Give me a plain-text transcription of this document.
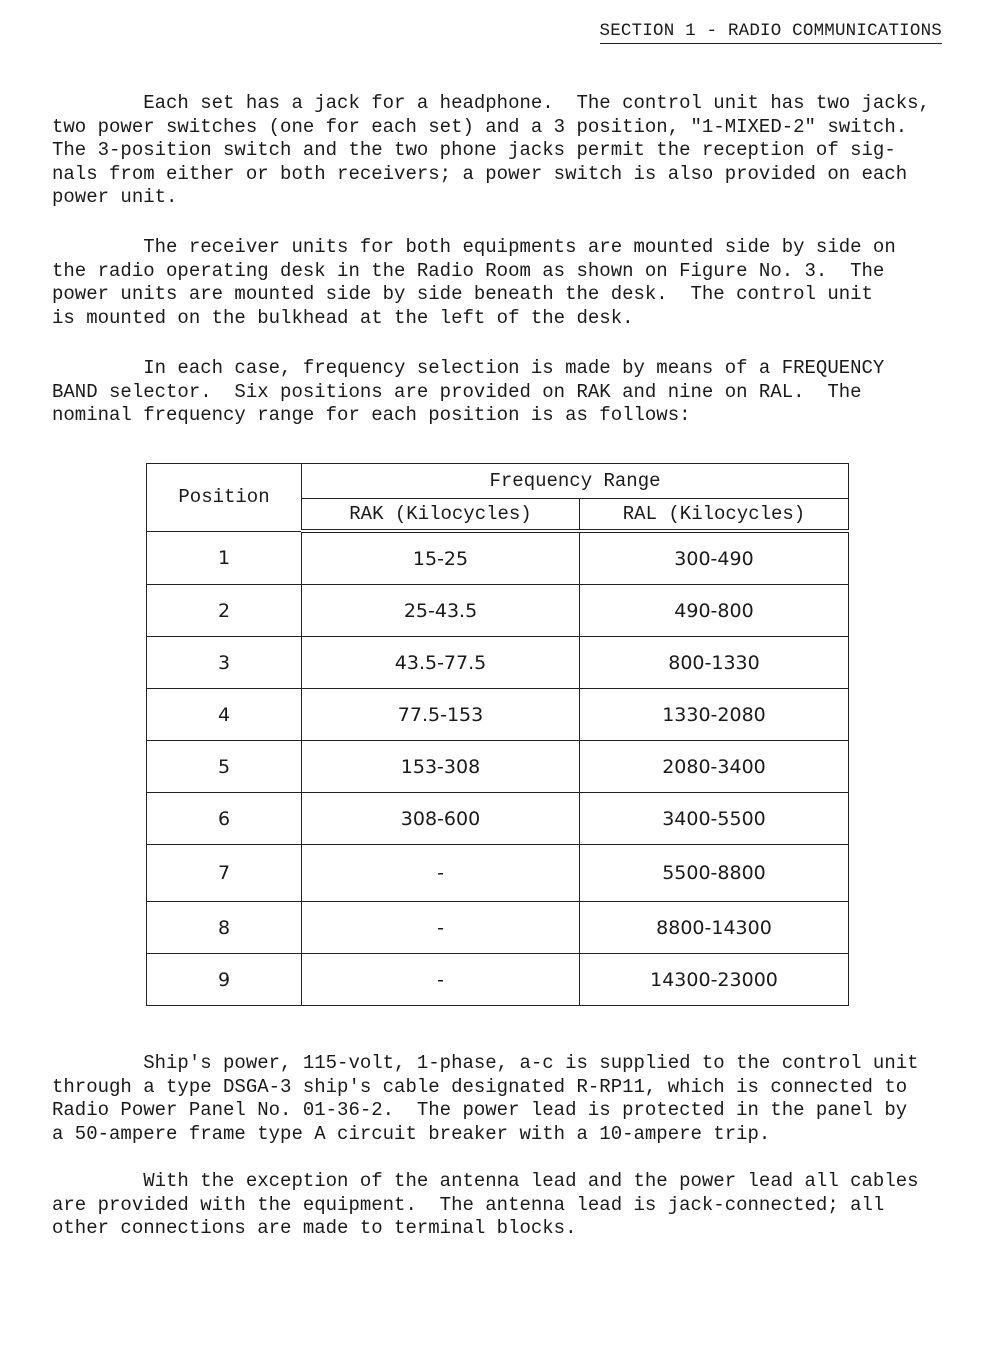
SECTION 1 - RADIO COMMUNICATIONS

Each set has a jack for a headphone.  The control unit has two jacks,
two power switches (one for each set) and a 3 position, "1-MIXED-2" switch.
The 3-position switch and the two phone jacks permit the reception of sig-
nals from either or both receivers; a power switch is also provided on each
power unit.

The receiver units for both equipments are mounted side by side on
the radio operating desk in the Radio Room as shown on Figure No. 3.  The
power units are mounted side by side beneath the desk.  The control unit
is mounted on the bulkhead at the left of the desk.

In each case, frequency selection is made by means of a FREQUENCY
BAND selector.  Six positions are provided on RAK and nine on RAL.  The
nominal frequency range for each position is as follows:

Position	Frequency Range	
	RAK (Kilocycles)	RAL (Kilocycles)
1	15-25	300-490
2	25-43.5	490-800
3	43.5-77.5	800-1330
4	77.5-153	1330-2080
5	153-308	2080-3400
6	308-600	3400-5500
7	-	5500-8800
8	-	8800-14300
9	-	14300-23000

Ship's power, 115-volt, 1-phase, a-c is supplied to the control unit
through a type DSGA-3 ship's cable designated R-RP11, which is connected to
Radio Power Panel No. 01-36-2.  The power lead is protected in the panel by
a 50-ampere frame type A circuit breaker with a 10-ampere trip.

With the exception of the antenna lead and the power lead all cables
are provided with the equipment.  The antenna lead is jack-connected; all
other connections are made to terminal blocks.
